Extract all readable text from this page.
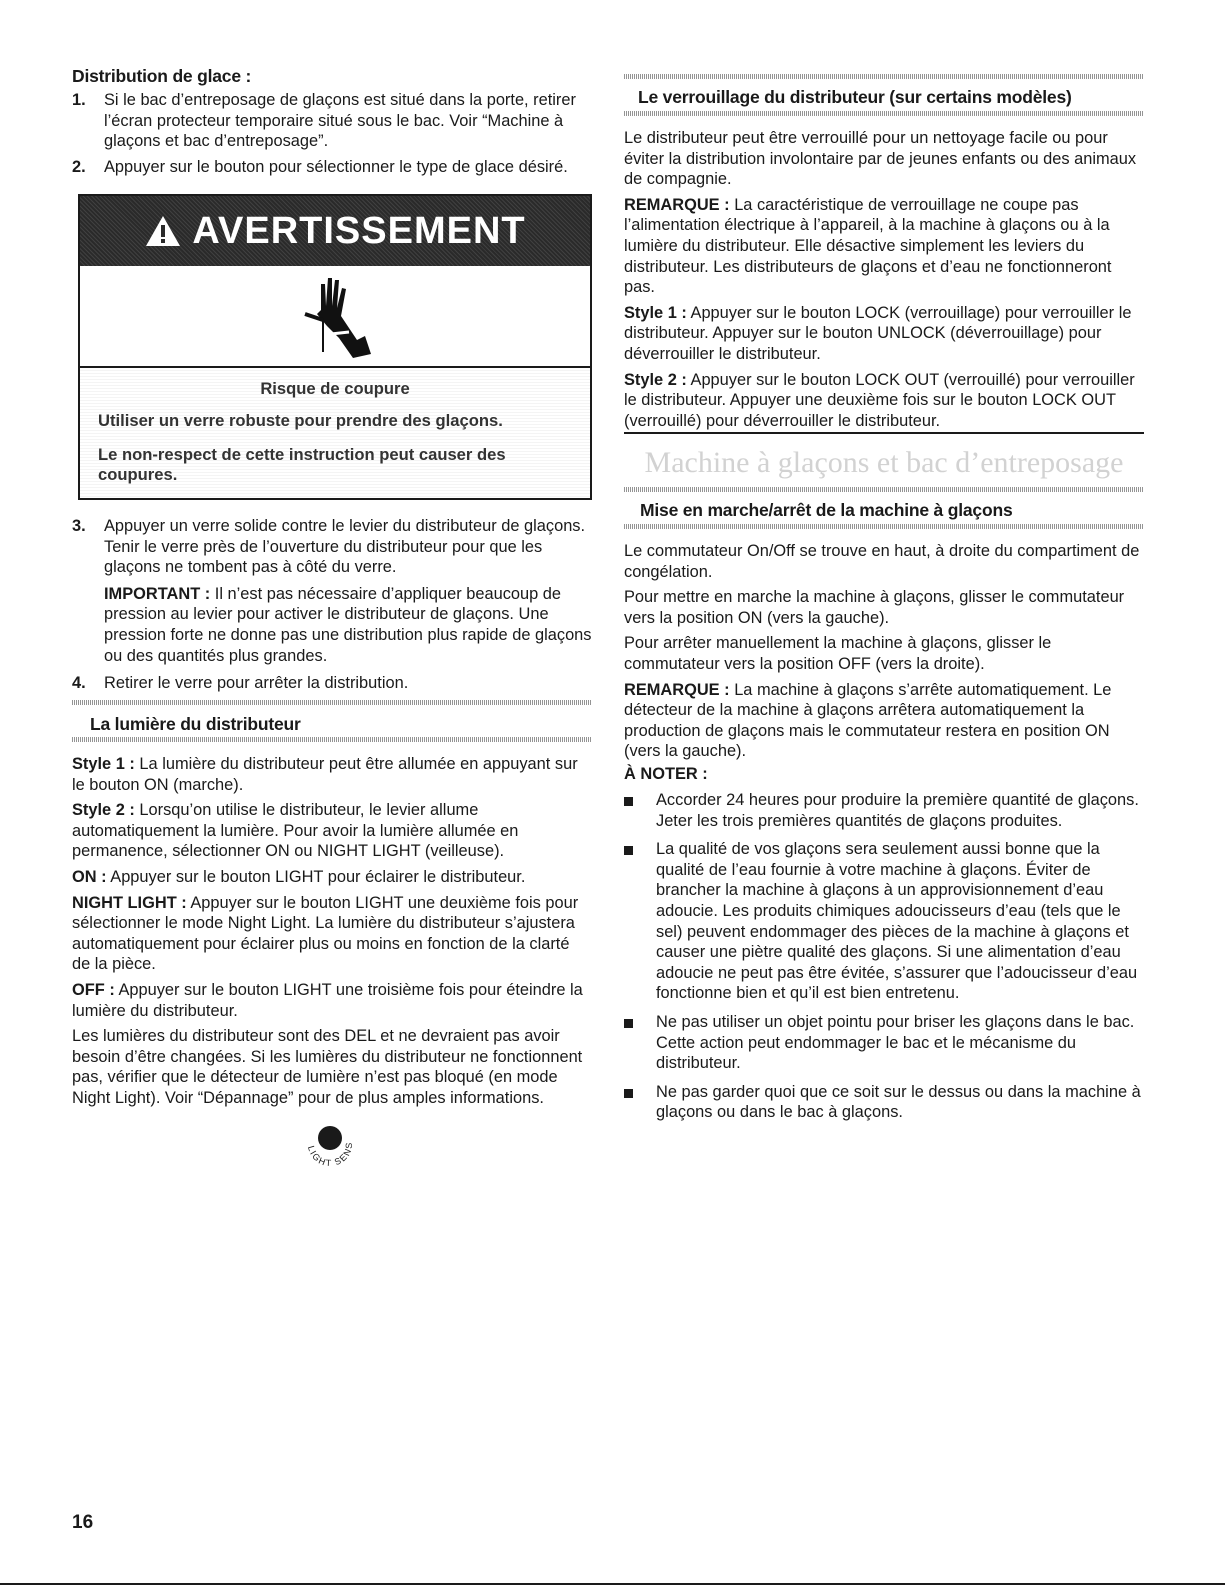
Distribution de glace :
1. Si le bac d’entreposage de glaçons est situé dans la porte, retirer l’écran protecteur temporaire situé sous le bac. Voir “Machine à glaçons et bac d’entreposage”.

2. Appuyer sur le bouton pour sélectionner le type de glace désiré.

AVERTISSEMENT
Risque de coupure
Utiliser un verre robuste pour prendre des glaçons.
Le non-respect de cette instruction peut causer des coupures.
3. Appuyer un verre solide contre le levier du distributeur de glaçons. Tenir le verre près de l’ouverture du distributeur pour que les glaçons ne tombent pas à côté du verre.

IMPORTANT : Il n’est pas nécessaire d’appliquer beaucoup de pression au levier pour activer le distributeur de glaçons. Une pression forte ne donne pas une distribution plus rapide de glaçons ou des quantités plus grandes.

4. Retirer le verre pour arrêter la distribution.

La lumière du distributeur

Style 1 : La lumière du distributeur peut être allumée en appuyant sur le bouton ON (marche).

Style 2 : Lorsqu’on utilise le distributeur, le levier allume automatiquement la lumière. Pour avoir la lumière allumée en permanence, sélectionner ON ou NIGHT LIGHT (veilleuse).

ON : Appuyer sur le bouton LIGHT pour éclairer le distributeur.

NIGHT LIGHT : Appuyer sur le bouton LIGHT une deuxième fois pour sélectionner le mode Night Light. La lumière du distributeur s’ajustera automatiquement pour éclairer plus ou moins en fonction de la clarté de la pièce.

OFF : Appuyer sur le bouton LIGHT une troisième fois pour éteindre la lumière du distributeur.

Les lumières du distributeur sont des DEL et ne devraient pas avoir besoin d’être changées. Si les lumières du distributeur ne fonctionnent pas, vérifier que le détecteur de lumière n’est pas bloqué (en mode Night Light). Voir “Dépannage” pour de plus amples informations.

LIGHT SENS
Le verrouillage du distributeur (sur certains modèles)

Le distributeur peut être verrouillé pour un nettoyage facile ou pour éviter la distribution involontaire par de jeunes enfants ou des animaux de compagnie.

REMARQUE : La caractéristique de verrouillage ne coupe pas l’alimentation électrique à l’appareil, à la machine à glaçons ou à la lumière du distributeur. Elle désactive simplement les leviers du distributeur. Les distributeurs de glaçons et d’eau ne fonctionneront pas.

Style 1 : Appuyer sur le bouton LOCK (verrouillage) pour verrouiller le distributeur. Appuyer sur le bouton UNLOCK (déverrouillage) pour déverrouiller le distributeur.

Style 2 : Appuyer sur le bouton LOCK OUT (verrouillé) pour verrouiller le distributeur. Appuyer une deuxième fois sur le bouton LOCK OUT (verrouillé) pour déverrouiller le distributeur.

Machine à glaçons et bac d’entreposage
Mise en marche/arrêt de la machine à glaçons

Le commutateur On/Off se trouve en haut, à droite du compartiment de congélation.

Pour mettre en marche la machine à glaçons, glisser le commutateur vers la position ON (vers la gauche).

Pour arrêter manuellement la machine à glaçons, glisser le commutateur vers la position OFF (vers la droite).

REMARQUE : La machine à glaçons s’arrête automatiquement. Le détecteur de la machine à glaçons arrêtera automatiquement la production de glaçons mais le commutateur restera en position ON (vers la gauche).

À NOTER :

Accorder 24 heures pour produire la première quantité de glaçons. Jeter les trois premières quantités de glaçons produites.

La qualité de vos glaçons sera seulement aussi bonne que la qualité de l’eau fournie à votre machine à glaçons. Éviter de brancher la machine à glaçons à un approvisionnement d’eau adoucie. Les produits chimiques adoucisseurs d’eau (tels que le sel) peuvent endommager des pièces de la machine à glaçons et causer une piètre qualité des glaçons. Si une alimentation d’eau adoucie ne peut pas être évitée, s’assurer que l’adoucisseur d’eau fonctionne bien et qu’il est bien entretenu.

Ne pas utiliser un objet pointu pour briser les glaçons dans le bac. Cette action peut endommager le bac et le mécanisme du distributeur.

Ne pas garder quoi que ce soit sur le dessus ou dans la machine à glaçons ou dans le bac à glaçons.

16
